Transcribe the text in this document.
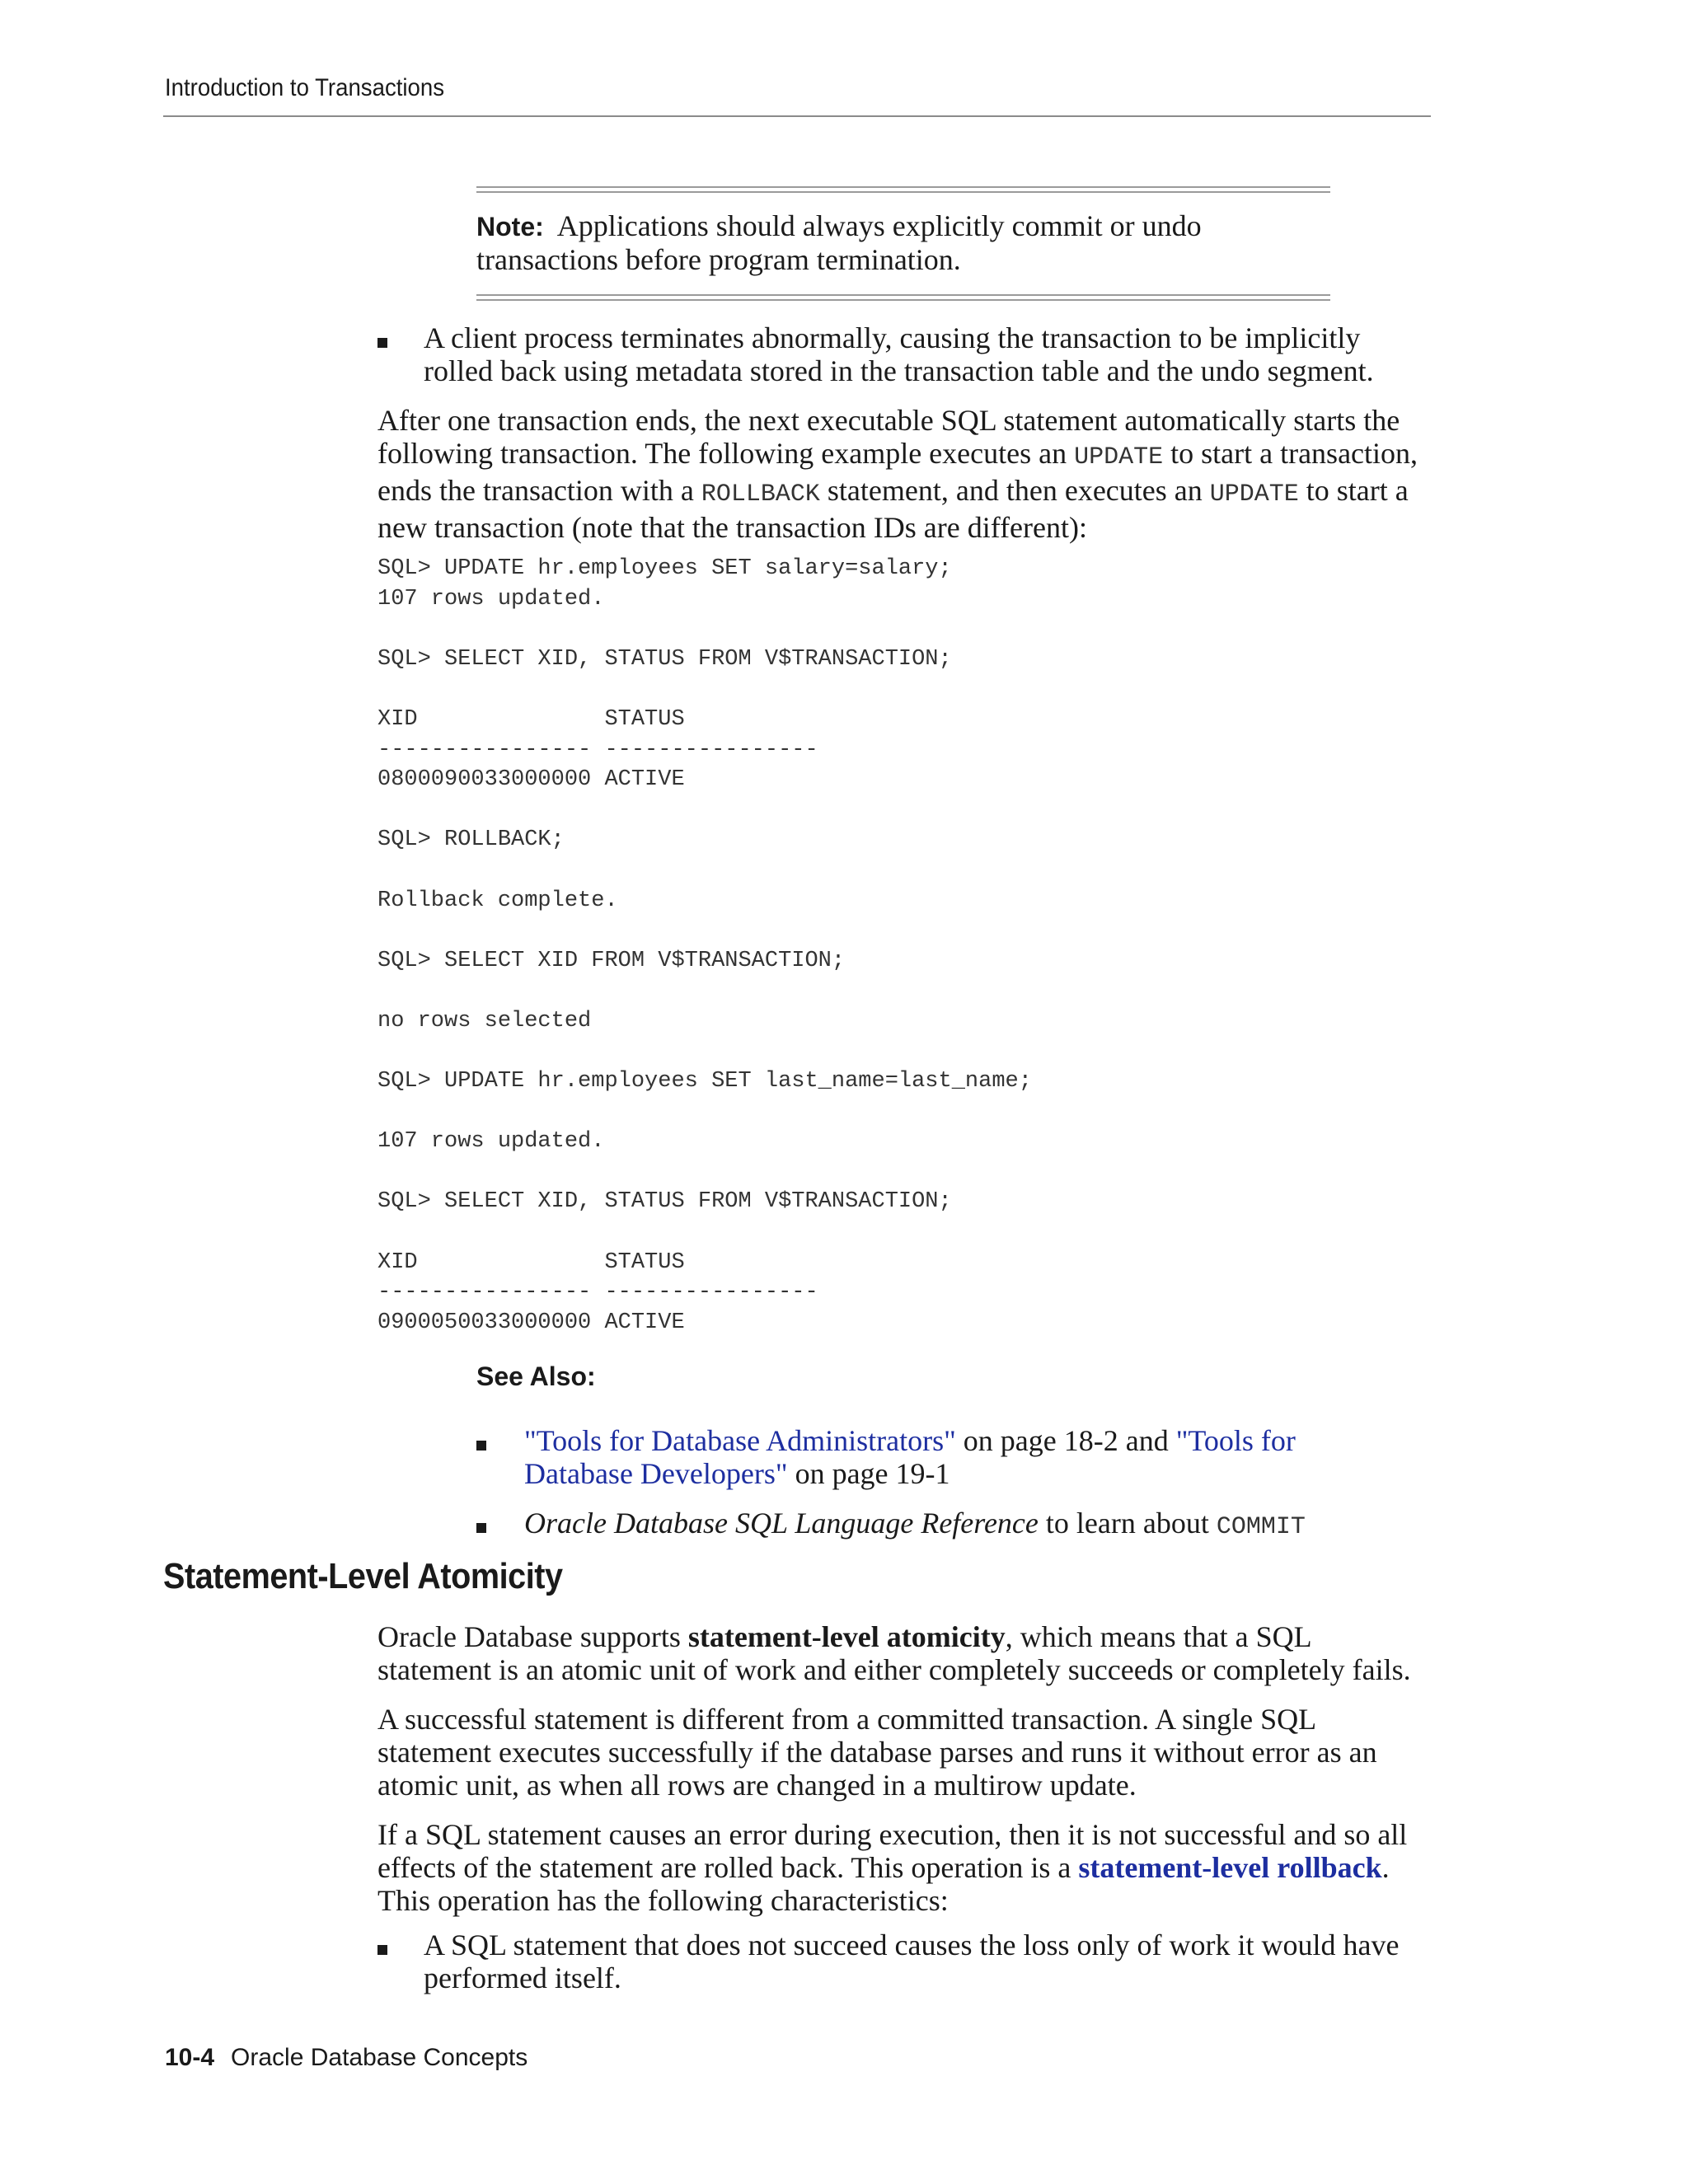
Introduction to Transactions
Note: Applications should always explicitly commit or undo transactions before program termination.
A client process terminates abnormally, causing the transaction to be implicitly
rolled back using metadata stored in the transaction table and the undo segment.
After one transaction ends, the next executable SQL statement automatically starts the
following transaction. The following example executes an UPDATE to start a transaction,
ends the transaction with a ROLLBACK statement, and then executes an UPDATE to start a
new transaction (note that the transaction IDs are different):
SQL> UPDATE hr.employees SET salary=salary;
107 rows updated.

SQL> SELECT XID, STATUS FROM V$TRANSACTION;

XID              STATUS
---------------- ----------------
0800090033000000 ACTIVE

SQL> ROLLBACK;

Rollback complete.

SQL> SELECT XID FROM V$TRANSACTION;

no rows selected

SQL> UPDATE hr.employees SET last_name=last_name;

107 rows updated.

SQL> SELECT XID, STATUS FROM V$TRANSACTION;

XID              STATUS
---------------- ----------------
0900050033000000 ACTIVE
See Also:
"Tools for Database Administrators" on page 18-2 and "Tools for
Database Developers" on page 19-1
Oracle Database SQL Language Reference to learn about COMMIT
Statement-Level Atomicity
Oracle Database supports statement-level atomicity, which means that a SQL
statement is an atomic unit of work and either completely succeeds or completely fails.
A successful statement is different from a committed transaction. A single SQL
statement executes successfully if the database parses and runs it without error as an
atomic unit, as when all rows are changed in a multirow update.
If a SQL statement causes an error during execution, then it is not successful and so all
effects of the statement are rolled back. This operation is a statement-level rollback.
This operation has the following characteristics:
A SQL statement that does not succeed causes the loss only of work it would have
performed itself.
10-4 Oracle Database Concepts
